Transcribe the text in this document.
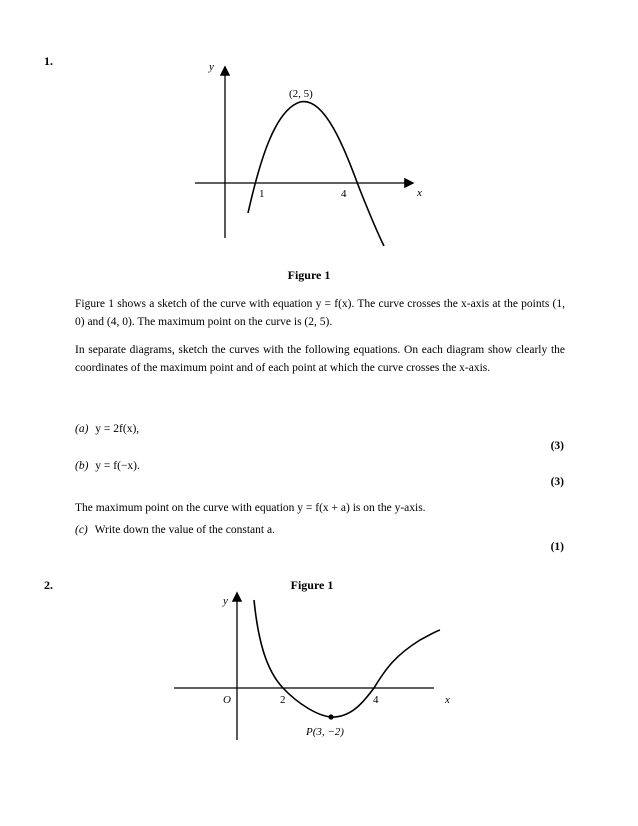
1.	y
x
(2, 5)
1	4
Figure 1
Figure 1 shows a sketch of the curve with equation y = f(x). The curve crosses the x-axis at the points (1, 0) and (4, 0). The maximum point on the curve is (2, 5).
In separate diagrams, sketch the curves with the following equations. On each diagram show clearly the coordinates of the maximum point and of each point at which the curve crosses the x-axis.
(a) y = 2f(x),
(3)
(b) y = f(−x).
(3)
The maximum point on the curve with equation y = f(x + a) is on the y-axis.
(c) Write down the value of the constant a.
(1)
2.	Figure 1
y
x
O	2	4
P(3, −2)
